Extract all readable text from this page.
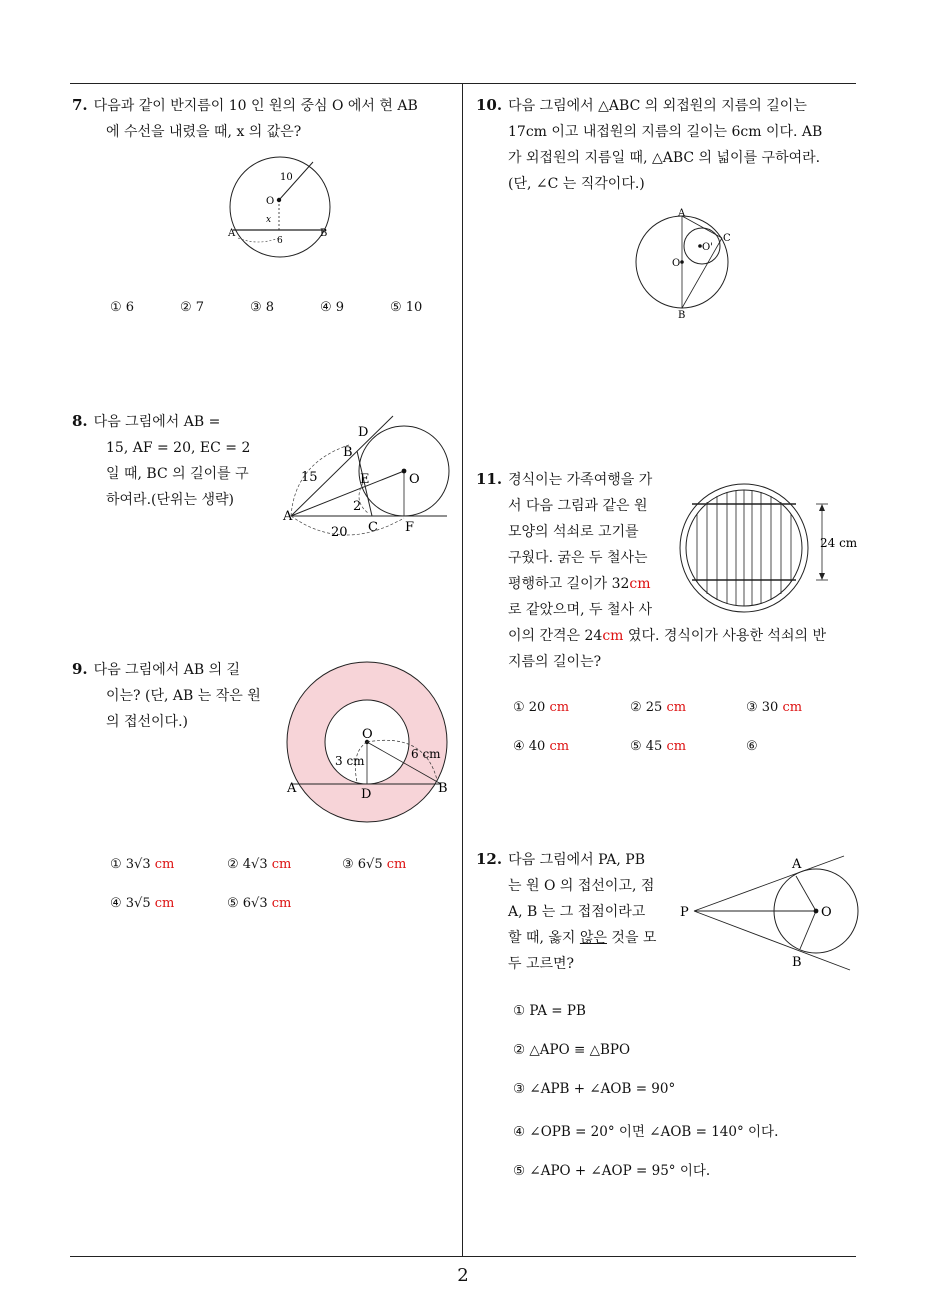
2
7. 다음과 같이 반지름이 10 인 원의 중심 O 에서 현 AB
에 수선을 내렸을 때, x 의 값은?
10
O
x
A	B
6
① 6	② 7	③ 8	④ 9	⑤ 10
8. 다음 그림에서 AB =
15, AF = 20, EC = 2
일 때, BC 의 길이를 구
하여라.(단위는 생략)
D
B
E	O
A
C F
15
2
20
9. 다음 그림에서 AB 의 길
이는? (단, AB 는 작은 원
의 접선이다.)
O
3 cm	6 cm
A	D	B
① 3√3 cm	② 4√3 cm	③ 6√5 cm
④ 3√5 cm	⑤ 6√3 cm
10. 다음 그림에서 △ABC 의 외접원의 지름의 길이는
17cm 이고 내접원의 지름의 길이는 6cm 이다. AB
가 외접원의 지름일 때, △ABC 의 넓이를 구하여라.
(단, ∠C 는 직각이다.)
A
O'
C
O
B
11. 경식이는 가족여행을 가
서 다음 그림과 같은 원
모양의 석쇠로 고기를
구웠다. 굵은 두 철사는
평행하고 길이가 32cm
로 같았으며, 두 철사 사
이의 간격은 24cm 였다. 경식이가 사용한 석쇠의 반
지름의 길이는?
24 cm
① 20 cm	② 25 cm	③ 30 cm
④ 40 cm	⑤ 45 cm	⑥
12. 다음 그림에서 PA, PB
는 원 O 의 접선이고, 점
A, B 는 그 접점이라고
할 때, 옳지 않은 것을 모
두 고르면?
A
P	O
B
① PA = PB
② △APO ≡ △BPO
③ ∠APB + ∠AOB = 90°
④ ∠OPB = 20° 이면 ∠AOB = 140° 이다.
⑤ ∠APO + ∠AOP = 95° 이다.
